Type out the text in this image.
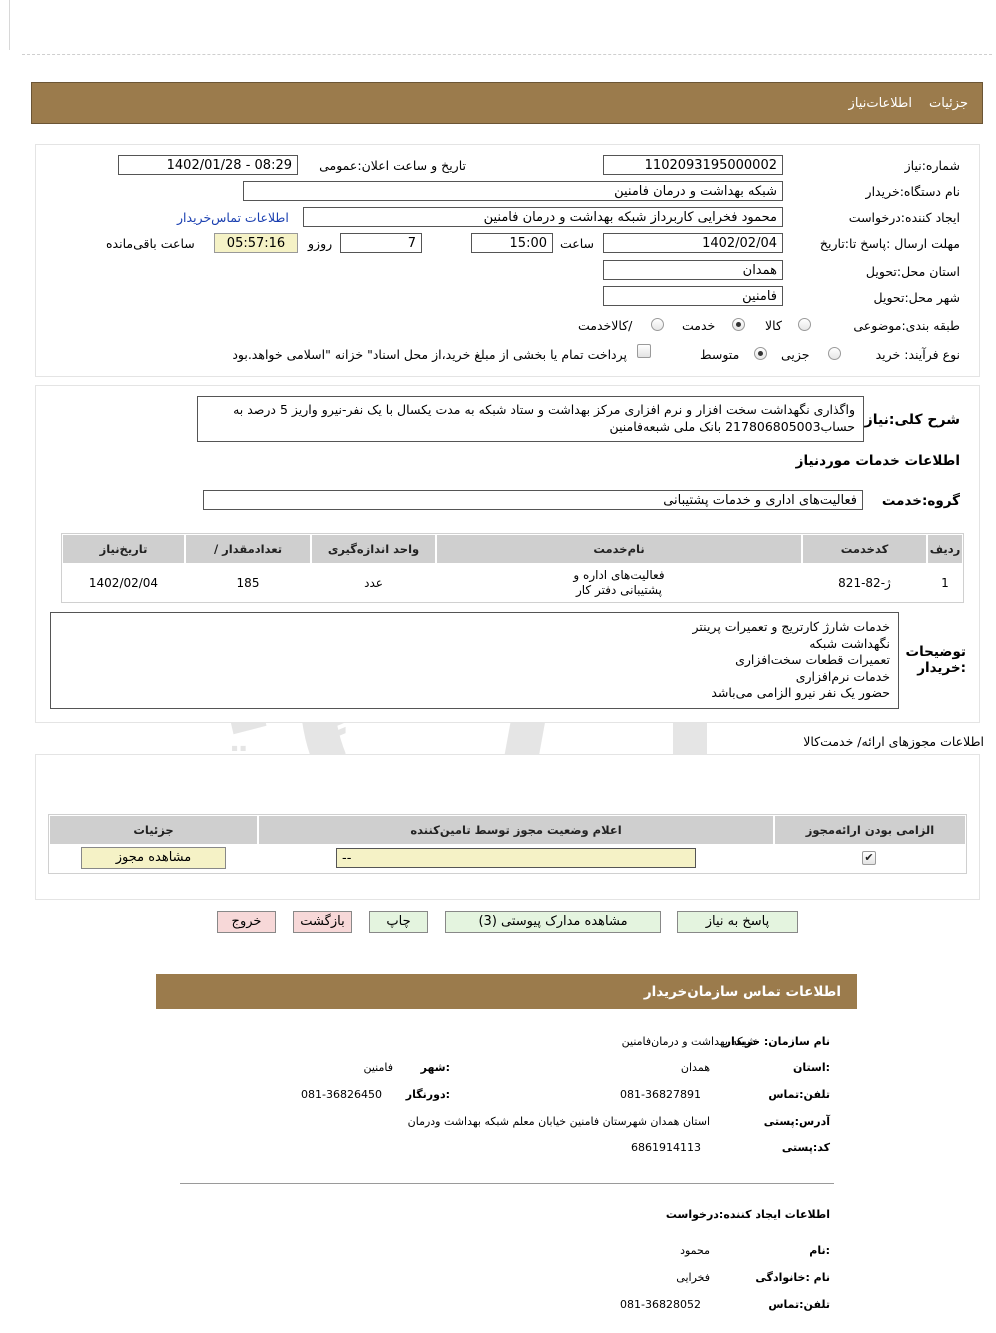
جزئیات
اطلاعات‌نیاز
شماره:نیاز
1102093195000002
تاریخ و ساعت اعلان:عمومی
1402/01/28 - 08:29
نام دستگاه:خریدار
شبکه بهداشت و درمان فامنین
ایجاد کننده:درخواست
محمود فخرایی کاربرداز شبکه بهداشت و درمان فامنین
اطلاعات تماس‌خریدار
مهلت ارسال :پاسخ تا:تاریخ
1402/02/04
ساعت
15:00
7
روزو
05:57:16
ساعت باقی‌مانده
استان محل:تحویل
همدان
شهر محل:تحویل
فامنین
طبقه بندی:موضوعی
کالا
خدمت
/کالاخدمت
نوع فرآیند: خرید
جزیی
متوسط
پرداخت تمام یا بخشی از مبلغ خرید،از محل اسناد" خزانه "اسلامی خواهد.بود
شرح کلی:نیاز
واگذاری نگهداشت سخت افزار و نرم افزاری مرکز بهداشت و ستاد شبکه به مدت یکسال با یک نفر-نیرو واریز 5 درصد به حساب217806805003 بانک ملی شبعه‌فامنین
اطلاعات خدمات موردنیاز
گروه:خدمت
فعالیت‌های اداری و خدمات پشتیبانی
ردیف
کدخدمت
نام‌خدمت
واحد اندازه‌گیری
/ تعدادمقدار
تاریخ‌نیاز
1
ژ-82-821
فعالیت‌های اداره و پشتیبانی دفتر کار
عدد
185
1402/02/04
توضیحات :خریدار
خدمات شارژ کارتریج و تعمیرات پرینتر
نگهداشت شبکه
تعمیرات قطعات سخت‌افزاری
خدمات نرم‌افزاری
حضور یک نفر نیرو الزامی می‌باشد
اطلاعات مجوزهای ارائه/ خدمت‌کالا
الزامی بودن ارائه‌مجوز
اعلام وضعیت مجوز توسط تامین‌کننده
جزئیات
✔
--
مشاهده مجوز
پاسخ به نیاز
مشاهده مدارک پیوستی (3)
چاپ
بازگشت
خروج
اطلاعات تماس سازمان‌خریدار
نام سازمان: خریدار
شبکه بهداشت و درمان‌فامنین
:استان
همدان
:شهر
فامنین
تلفن:تماس
081-36827891
:دورنگار
081-36826450
آدرس:پستی
استان همدان شهرستان فامنین خیابان معلم شبکه بهداشت ودرمان
کد:پستی
6861914113
اطلاعات ایجاد کننده:درخواست
:نام
محمود
نام :خانوادگی
فخرایی
تلفن:تماس
081-36828052
